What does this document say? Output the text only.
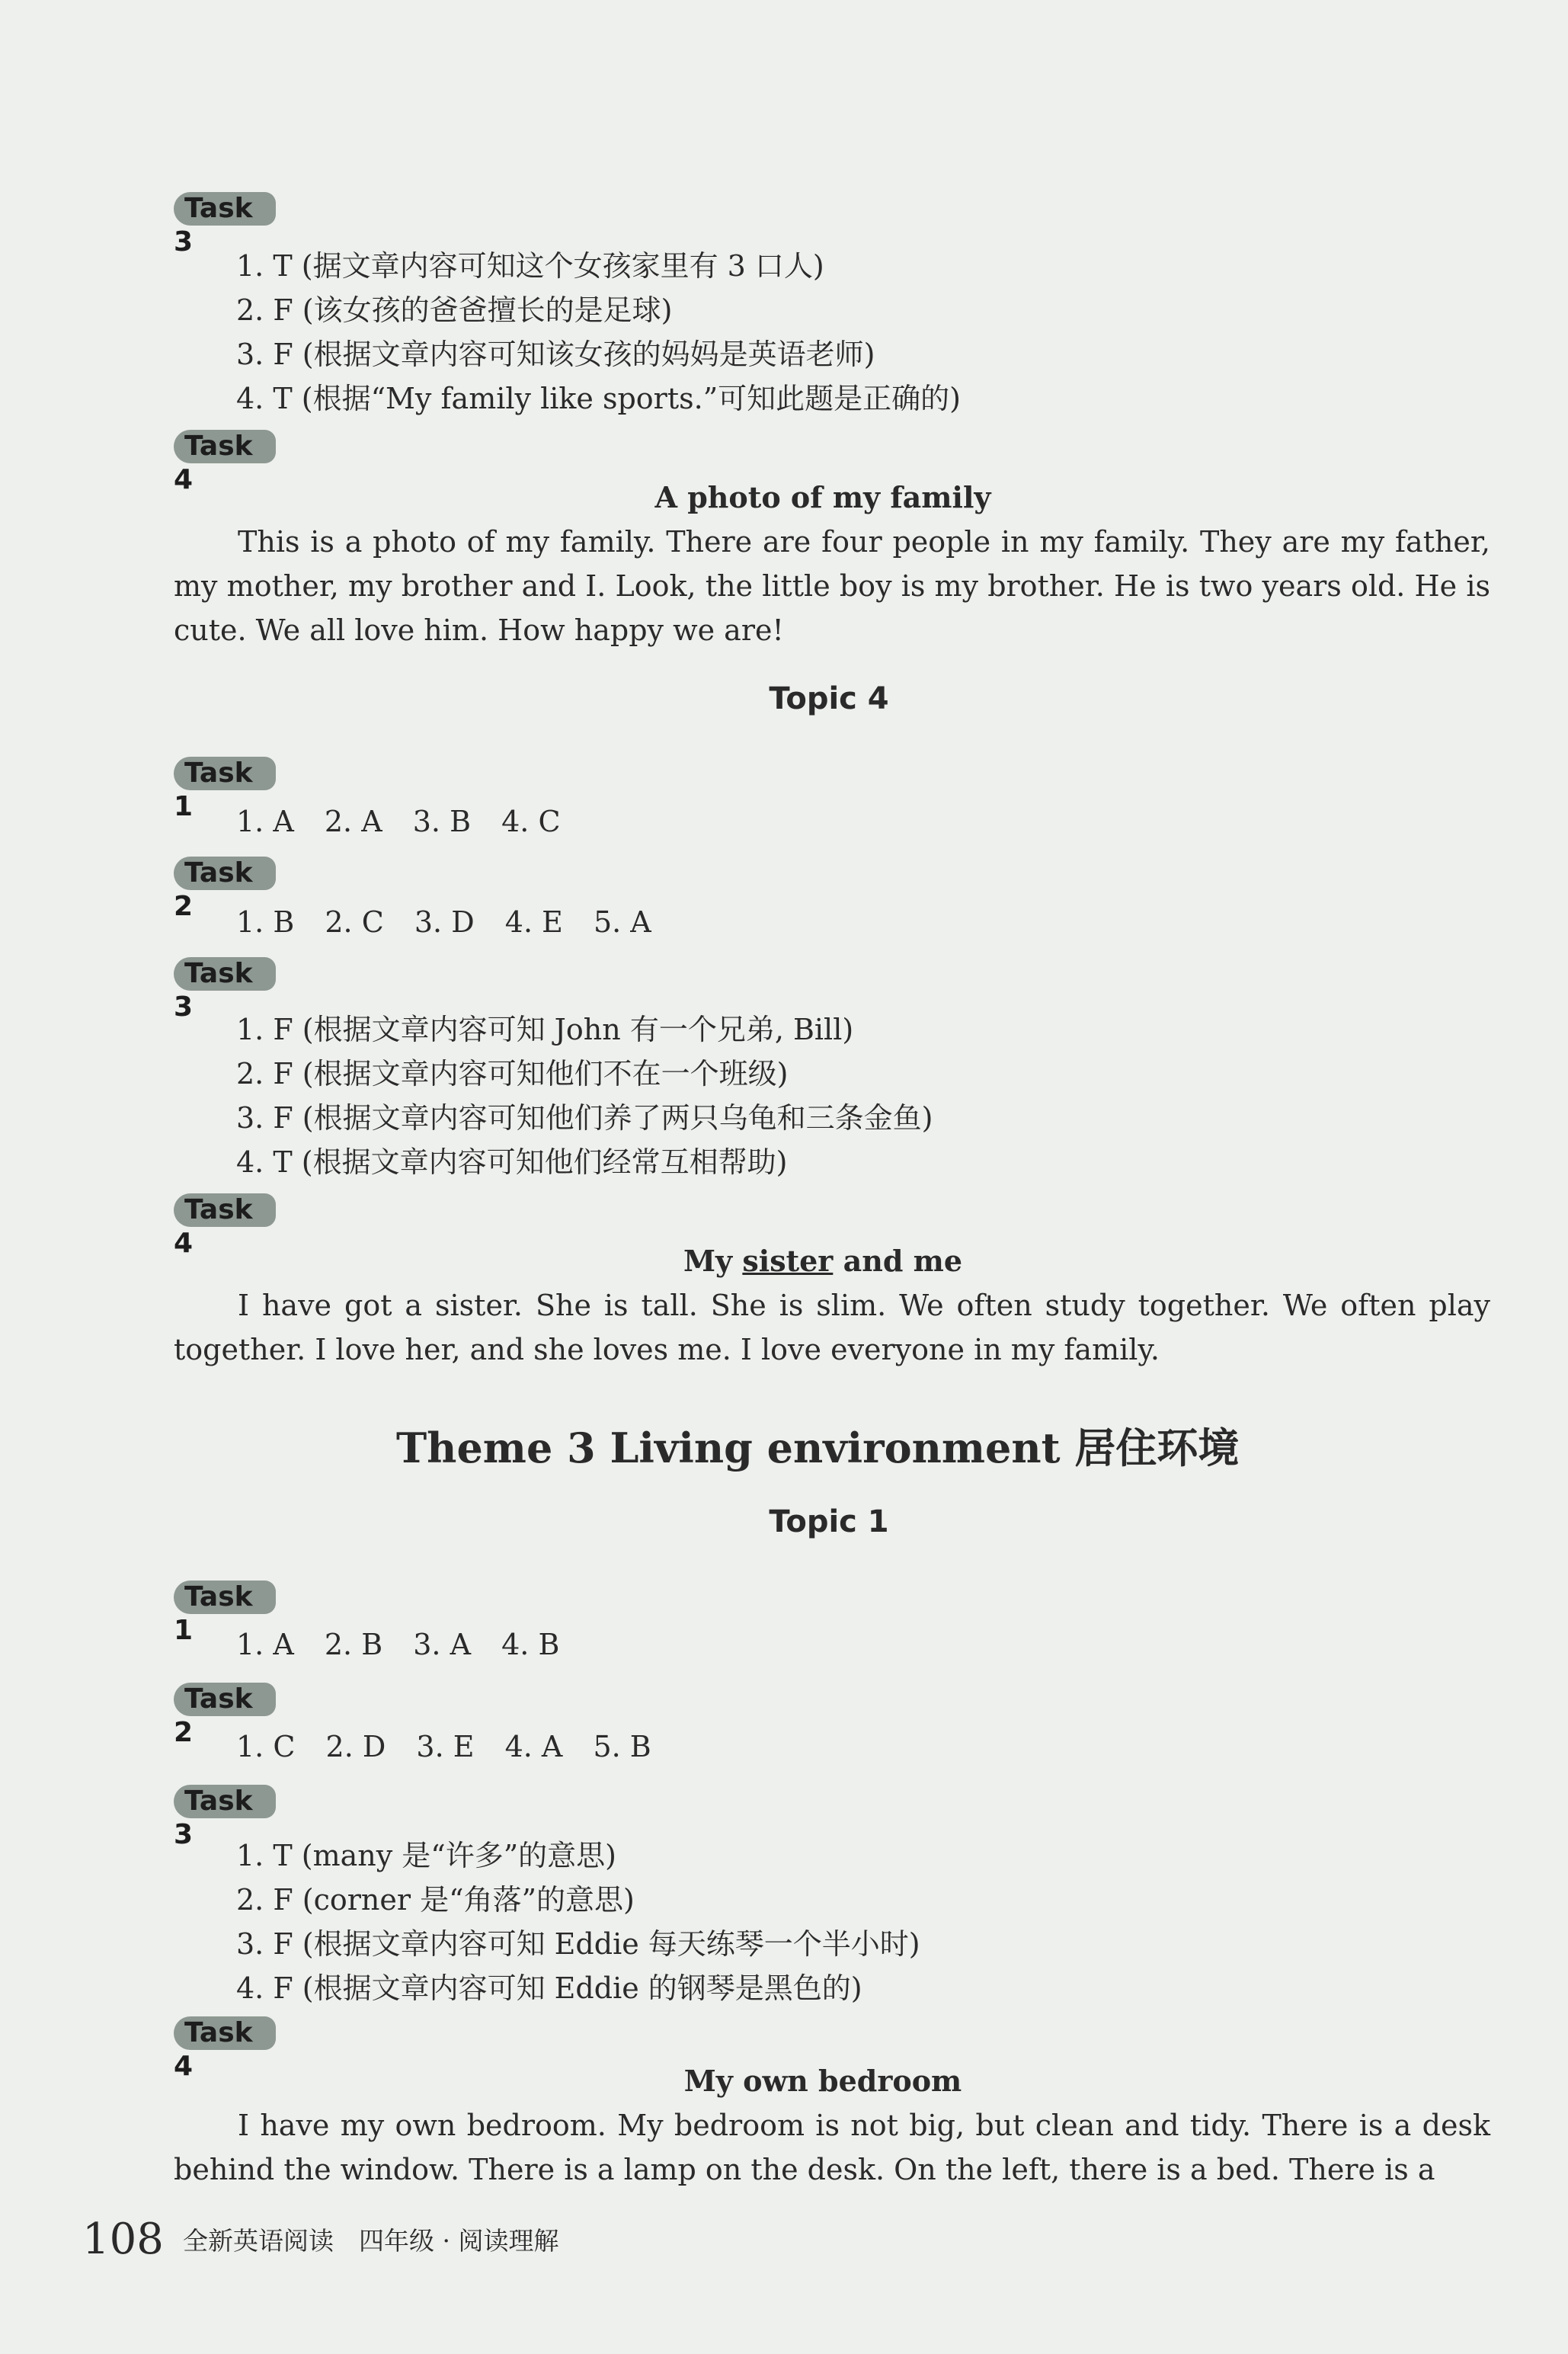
Task 3
1. T (据文章内容可知这个女孩家里有 3 口人)
2. F (该女孩的爸爸擅长的是足球)
3. F (根据文章内容可知该女孩的妈妈是英语老师)
4. T (根据“My family like sports.”可知此题是正确的)
Task 4
A photo of my family
This is a photo of my family. There are four people in my family. They are my father, my mother, my brother and I. Look, the little boy is my brother. He is two years old. He is cute. We all love him. How happy we are!
Topic 4
Task 1	1. A 2. A 3. B 4. C
Task 2	1. B 2. C 3. D 4. E 5. A
Task 3
1. F (根据文章内容可知 John 有一个兄弟, Bill)
2. F (根据文章内容可知他们不在一个班级)
3. F (根据文章内容可知他们养了两只乌龟和三条金鱼)
4. T (根据文章内容可知他们经常互相帮助)
Task 4
My sister and me
I have got a sister. She is tall. She is slim. We often study together. We often play together. I love her, and she loves me. I love everyone in my family.
Theme 3 Living environment 居住环境
Topic 1
Task 1	1. A 2. B 3. A 4. B
Task 2	1. C 2. D 3. E 4. A 5. B
Task 3
1. T (many 是“许多”的意思)
2. F (corner 是“角落”的意思)
3. F (根据文章内容可知 Eddie 每天练琴一个半小时)
4. F (根据文章内容可知 Eddie 的钢琴是黑色的)
Task 4	My own bedroom
I have my own bedroom. My bedroom is not big, but clean and tidy. There is a desk behind the window. There is a lamp on the desk. On the left, there is a bed. There is a
108 全新英语阅读　四年级 · 阅读理解
